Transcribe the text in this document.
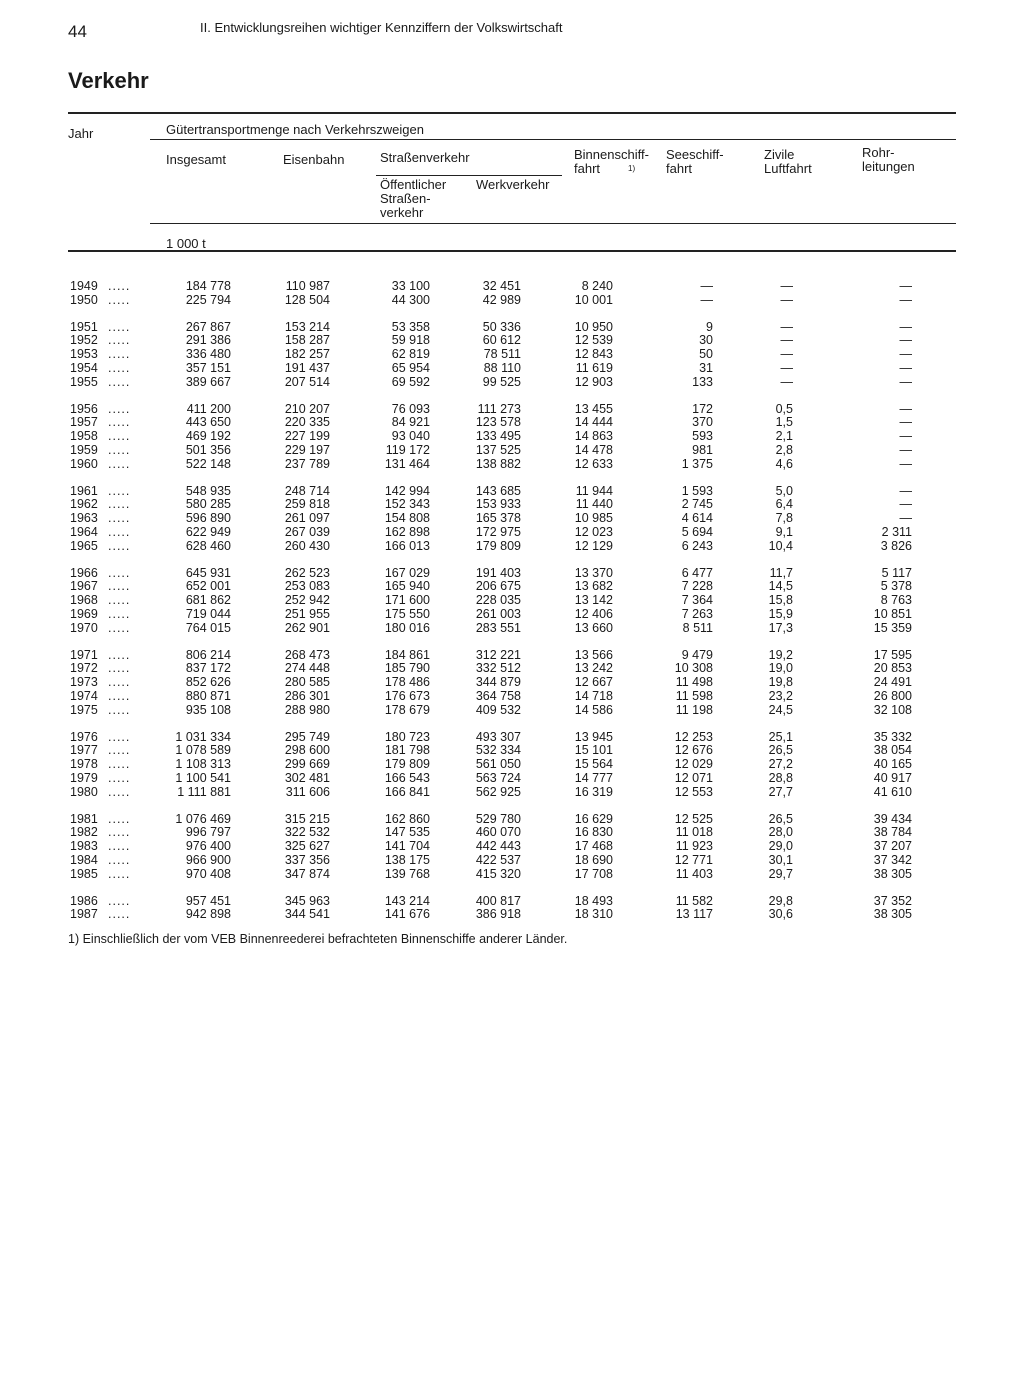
44	II. Entwicklungsreihen wichtiger Kennziffern der Volkswirtschaft
Verkehr
Jahr	Gütertransportmenge nach Verkehrszweigen
Insgesamt	Eisenbahn	Straßenverkehr
Öffentlicher Straßen-verkehr
Werkverkehr
Binnenschiff-fahrt	1)
Seeschiff-fahrt
Zivile Luftfahrt
Rohr-leitungen
1 000 t
1949 .....	184 778	110 987	33 100	32 451	8 240	—	—	—
1950 .....	225 794	128 504	44 300	42 989	10 001	—	—	—
1951 .....	267 867	153 214	53 358	50 336	10 950	9	—	—
1952 .....	291 386	158 287	59 918	60 612	12 539	30	—	—
1953 .....	336 480	182 257	62 819	78 511	12 843	50	—	—
1954 .....	357 151	191 437	65 954	88 110	11 619	31	—	—
1955 .....	389 667	207 514	69 592	99 525	12 903	133	—	—
1956 .....	411 200	210 207	76 093	111 273	13 455	172	0,5	—
1957 .....	443 650	220 335	84 921	123 578	14 444	370	1,5	—
1958 .....	469 192	227 199	93 040	133 495	14 863	593	2,1	—
1959 .....	501 356	229 197	119 172	137 525	14 478	981	2,8	—
1960 .....	522 148	237 789	131 464	138 882	12 633	1 375	4,6	—
1961 .....	548 935	248 714	142 994	143 685	11 944	1 593	5,0	—
1962 .....	580 285	259 818	152 343	153 933	11 440	2 745	6,4	—
1963 .....	596 890	261 097	154 808	165 378	10 985	4 614	7,8	—
1964 .....	622 949	267 039	162 898	172 975	12 023	5 694	9,1	2 311
1965 .....	628 460	260 430	166 013	179 809	12 129	6 243	10,4	3 826
1966 .....	645 931	262 523	167 029	191 403	13 370	6 477	11,7	5 117
1967 .....	652 001	253 083	165 940	206 675	13 682	7 228	14,5	5 378
1968 .....	681 862	252 942	171 600	228 035	13 142	7 364	15,8	8 763
1969 .....	719 044	251 955	175 550	261 003	12 406	7 263	15,9	10 851
1970 .....	764 015	262 901	180 016	283 551	13 660	8 511	17,3	15 359
1971 .....	806 214	268 473	184 861	312 221	13 566	9 479	19,2	17 595
1972 .....	837 172	274 448	185 790	332 512	13 242	10 308	19,0	20 853
1973 .....	852 626	280 585	178 486	344 879	12 667	11 498	19,8	24 491
1974 .....	880 871	286 301	176 673	364 758	14 718	11 598	23,2	26 800
1975 .....	935 108	288 980	178 679	409 532	14 586	11 198	24,5	32 108
1976 .....	1 031 334	295 749	180 723	493 307	13 945	12 253	25,1	35 332
1977 .....	1 078 589	298 600	181 798	532 334	15 101	12 676	26,5	38 054
1978 .....	1 108 313	299 669	179 809	561 050	15 564	12 029	27,2	40 165
1979 .....	1 100 541	302 481	166 543	563 724	14 777	12 071	28,8	40 917
1980 .....	1 111 881	311 606	166 841	562 925	16 319	12 553	27,7	41 610
1981 .....	1 076 469	315 215	162 860	529 780	16 629	12 525	26,5	39 434
1982 .....	996 797	322 532	147 535	460 070	16 830	11 018	28,0	38 784
1983 .....	976 400	325 627	141 704	442 443	17 468	11 923	29,0	37 207
1984 .....	966 900	337 356	138 175	422 537	18 690	12 771	30,1	37 342
1985 .....	970 408	347 874	139 768	415 320	17 708	11 403	29,7	38 305
1986 .....	957 451	345 963	143 214	400 817	18 493	11 582	29,8	37 352
1987 .....	942 898	344 541	141 676	386 918	18 310	13 117	30,6	38 305
1) Einschließlich der vom VEB Binnenreederei befrachteten Binnenschiffe anderer Länder.
